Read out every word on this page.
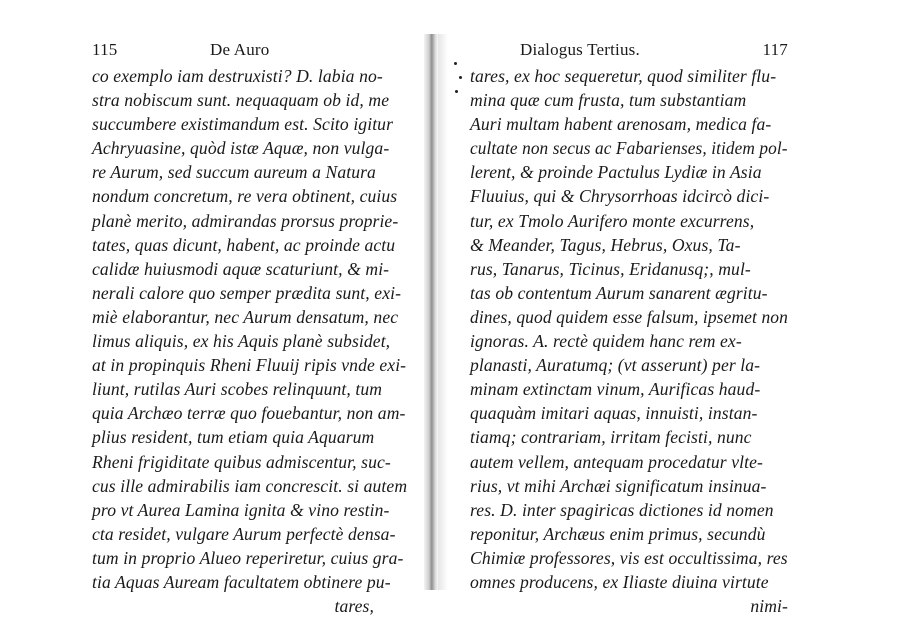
115	De Auro
co exemplo iam destruxisti? D. labia no-
stra nobiscum sunt. nequaquam ob id, me
succumbere existimandum est. Scito igitur
Achryuasine, quòd istæ Aquæ, non vulga-
re Aurum, sed succum aureum a Natura
nondum concretum, re vera obtinent, cuius
planè merito, admirandas prorsus proprie-
tates, quas dicunt, habent, ac proinde actu
calidæ huiusmodi aquæ scaturiunt, & mi-
nerali calore quo semper prædita sunt, exi-
miè elaborantur, nec Aurum densatum, nec
limus aliquis, ex his Aquis planè subsidet,
at in propinquis Rheni Fluuij ripis vnde exi-
liunt, rutilas Auri scobes relinquunt, tum
quia Archæo terræ quo fouebantur, non am-
plius resident, tum etiam quia Aquarum
Rheni frigiditate quibus admiscentur, suc-
cus ille admirabilis iam concrescit. si autem
pro vt Aurea Lamina ignita & vino restin-
cta residet, vulgare Aurum perfectè densa-
tum in proprio Alueo reperiretur, cuius gra-
tia Aquas Auream facultatem obtinere pu-
tares,
Dialogus Tertius.	117
tares, ex hoc sequeretur, quod similiter flu-
mina quæ cum frusta, tum substantiam
Auri multam habent arenosam, medica fa-
cultate non secus ac Fabarienses, itidem pol-
lerent, & proinde Pactulus Lydiæ in Asia
Fluuius, qui & Chrysorrhoas idcircò dici-
tur, ex Tmolo Aurifero monte excurrens,
& Meander, Tagus, Hebrus, Oxus, Ta-
rus, Tanarus, Ticinus, Eridanusq;, mul-
tas ob contentum Aurum sanarent ægritu-
dines, quod quidem esse falsum, ipsemet non
ignoras. A. rectè quidem hanc rem ex-
planasti, Auratumq; (vt asserunt) per la-
minam extinctam vinum, Aurificas haud-
quaquàm imitari aquas, innuisti, instan-
tiamq; contrariam, irritam fecisti, nunc
autem vellem, antequam procedatur vlte-
rius, vt mihi Archæi significatum insinua-
res. D. inter spagiricas dictiones id nomen
reponitur, Archæus enim primus, secundù
Chimiæ professores, vis est occultissima, res
omnes producens, ex Iliaste diuina virtute
nimi-
